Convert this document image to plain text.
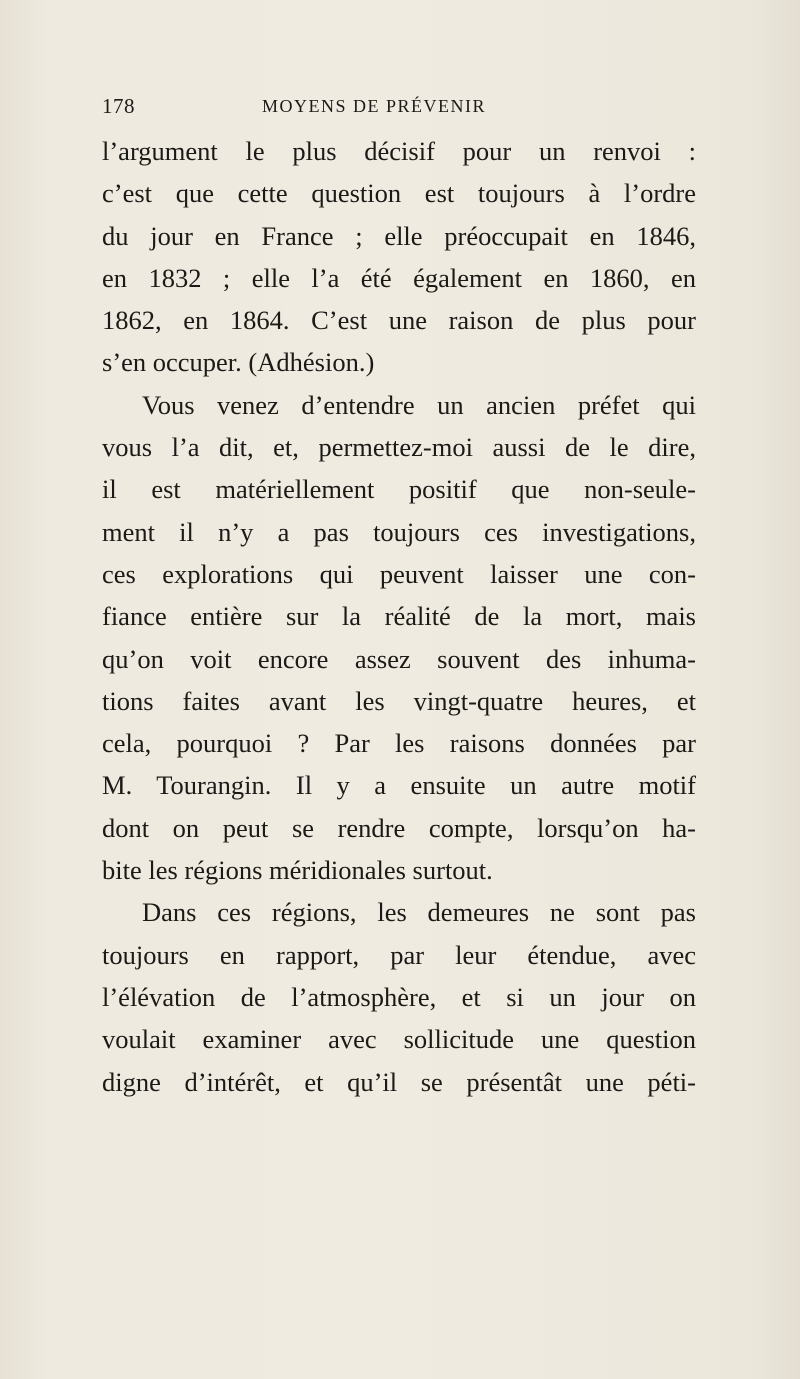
178	MOYENS DE PRÉVENIR
l’argument le plus décisif pour un renvoi :
c’est que cette question est toujours à l’ordre
du jour en France ; elle préoccupait en 1846,
en 1832 ; elle l’a été également en 1860, en
1862, en 1864. C’est une raison de plus pour
s’en occuper. (Adhésion.)
Vous venez d’entendre un ancien préfet qui
vous l’a dit, et, permettez-moi aussi de le dire,
il est matériellement positif que non-seule-
ment il n’y a pas toujours ces investigations,
ces explorations qui peuvent laisser une con-
fiance entière sur la réalité de la mort, mais
qu’on voit encore assez souvent des inhuma-
tions faites avant les vingt-quatre heures, et
cela, pourquoi ? Par les raisons données par
M. Tourangin. Il y a ensuite un autre motif
dont on peut se rendre compte, lorsqu’on ha-
bite les régions méridionales surtout.
Dans ces régions, les demeures ne sont pas
toujours en rapport, par leur étendue, avec
l’élévation de l’atmosphère, et si un jour on
voulait examiner avec sollicitude une question
digne d’intérêt, et qu’il se présentât une péti-
